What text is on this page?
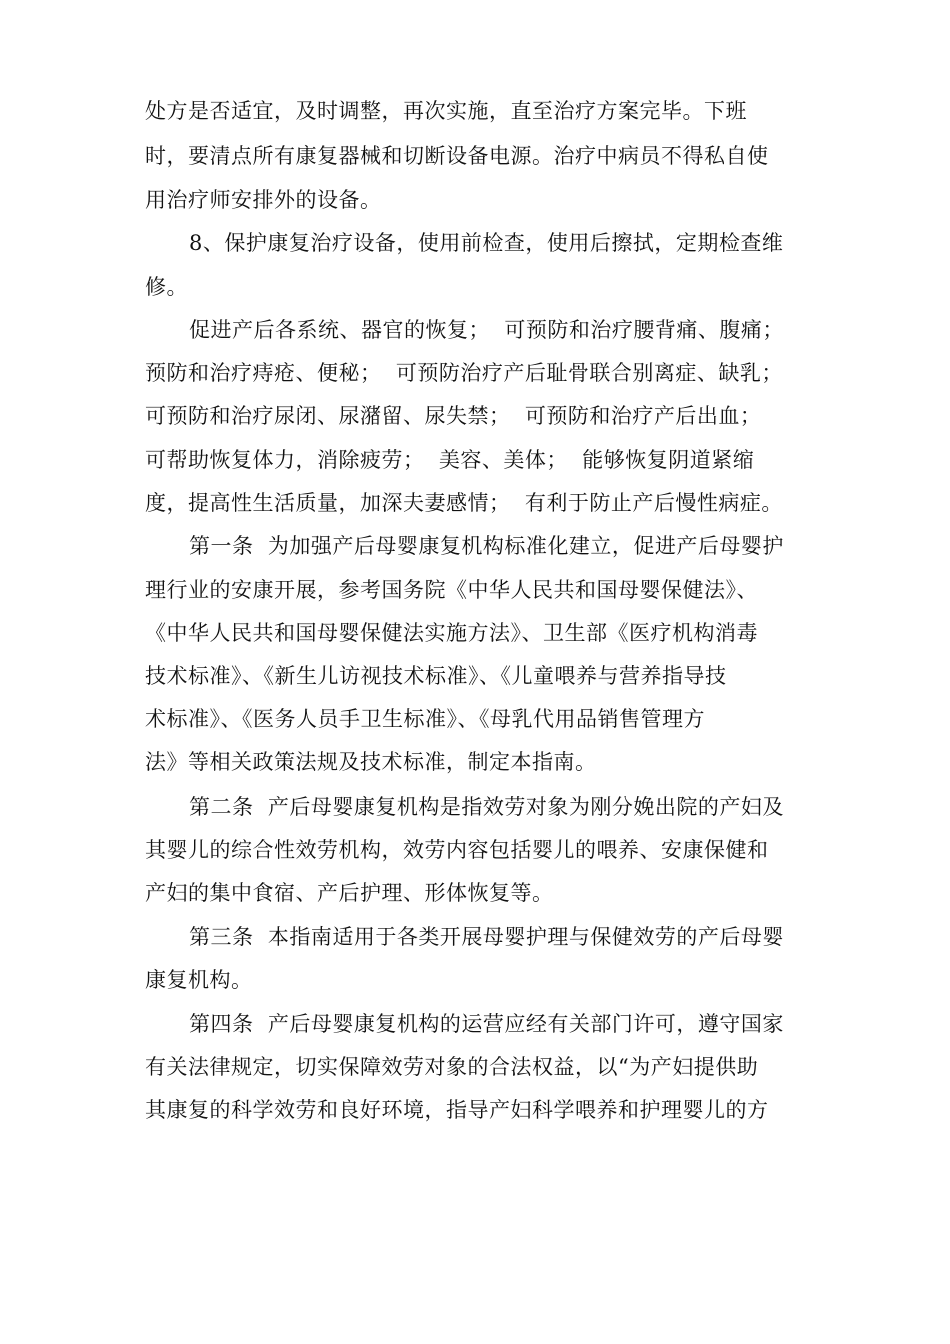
处方是否适宜，及时调整，再次实施，直至治疗方案完毕。下班
时，要清点所有康复器械和切断设备电源。治疗中病员不得私自使
用治疗师安排外的设备。
8、保护康复治疗设备，使用前检查，使用后擦拭，定期检查维
修。
促进产后各系统、器官的恢复；  可预防和治疗腰背痛、腹痛；
预防和治疗痔疮、便秘；  可预防治疗产后耻骨联合别离症、缺乳；
可预防和治疗尿闭、尿潴留、尿失禁；  可预防和治疗产后出血；
可帮助恢复体力，消除疲劳；  美容、美体；  能够恢复阴道紧缩
度，提高性生活质量，加深夫妻感情；  有利于防止产后慢性病症。
第一条  为加强产后母婴康复机构标准化建立，促进产后母婴护
理行业的安康开展，参考国务院《中华人民共和国母婴保健法》、
《中华人民共和国母婴保健法实施方法》、卫生部《医疗机构消毒
技术标准》、《新生儿访视技术标准》、《儿童喂养与营养指导技
术标准》、《医务人员手卫生标准》、《母乳代用品销售管理方
法》等相关政策法规及技术标准，制定本指南。
第二条  产后母婴康复机构是指效劳对象为刚分娩出院的产妇及
其婴儿的综合性效劳机构，效劳内容包括婴儿的喂养、安康保健和
产妇的集中食宿、产后护理、形体恢复等。
第三条  本指南适用于各类开展母婴护理与保健效劳的产后母婴
康复机构。
第四条  产后母婴康复机构的运营应经有关部门许可，遵守国家
有关法律规定，切实保障效劳对象的合法权益，以“为产妇提供助
其康复的科学效劳和良好环境，指导产妇科学喂养和护理婴儿的方
